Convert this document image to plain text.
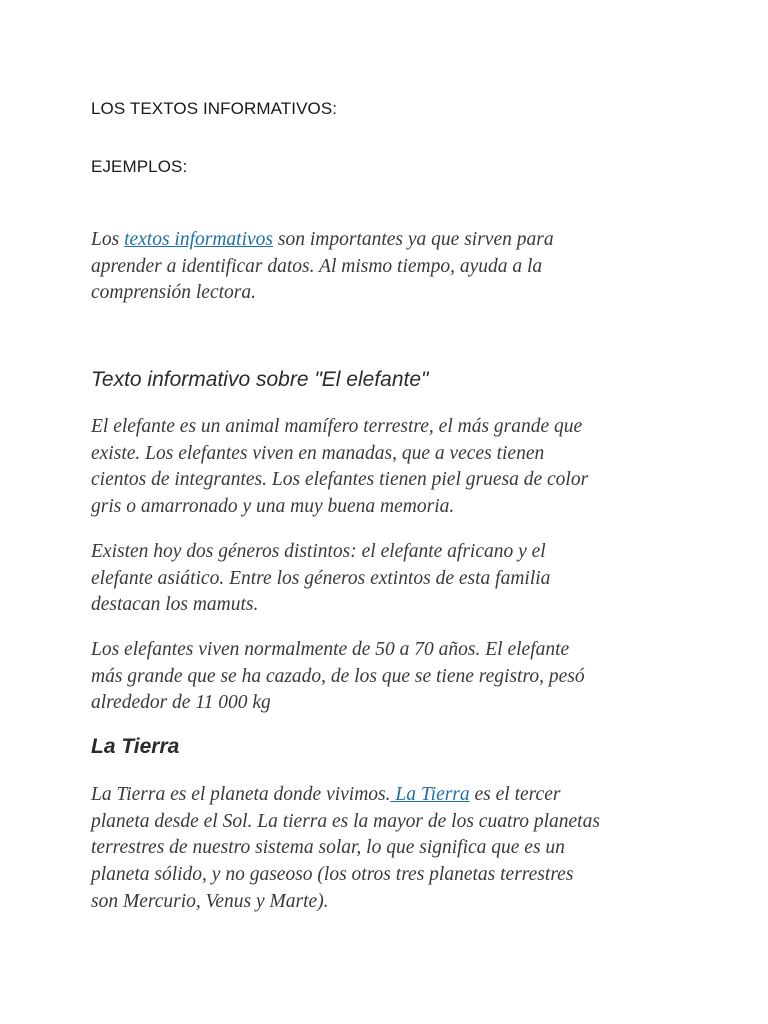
LOS TEXTOS INFORMATIVOS:
EJEMPLOS:

Los textos informativos son importantes ya que sirven para
aprender a identificar datos. Al mismo tiempo, ayuda a la
comprensión lectora.

Texto informativo sobre "El elefante"

El elefante es un animal mamífero terrestre, el más grande que
existe. Los elefantes viven en manadas, que a veces tienen
cientos de integrantes. Los elefantes tienen piel gruesa de color
gris o amarronado y una muy buena memoria.

Existen hoy dos géneros distintos: el elefante africano y el
elefante asiático. Entre los géneros extintos de esta familia
destacan los mamuts.

Los elefantes viven normalmente de 50 a 70 años. El elefante
más grande que se ha cazado, de los que se tiene registro, pesó
alrededor de 11 000 kg

La Tierra

La Tierra es el planeta donde vivimos. La Tierra es el tercer
planeta desde el Sol. La tierra es la mayor de los cuatro planetas
terrestres de nuestro sistema solar, lo que significa que es un
planeta sólido, y no gaseoso (los otros tres planetas terrestres
son Mercurio, Venus y Marte).
